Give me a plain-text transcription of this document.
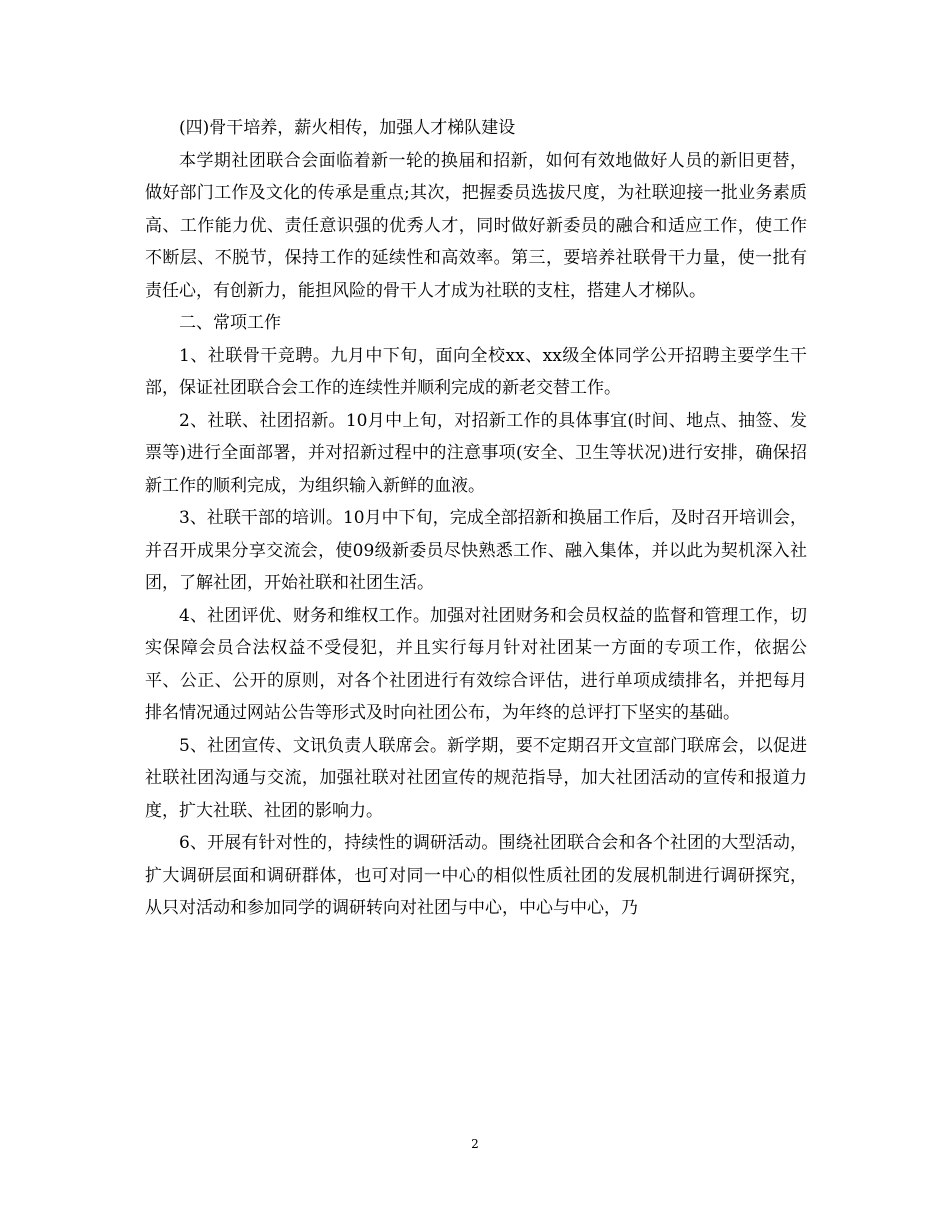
(四)骨干培养，薪火相传，加强人才梯队建设

本学期社团联合会面临着新一轮的换届和招新，如何有效地做好人员的新旧更替，做好部门工作及文化的传承是重点;其次，把握委员选拔尺度，为社联迎接一批业务素质高、工作能力优、责任意识强的优秀人才，同时做好新委员的融合和适应工作，使工作不断层、不脱节，保持工作的延续性和高效率。第三，要培养社联骨干力量，使一批有责任心，有创新力，能担风险的骨干人才成为社联的支柱，搭建人才梯队。

二、常项工作

1、社联骨干竞聘。九月中下旬，面向全校xx、xx级全体同学公开招聘主要学生干部，保证社团联合会工作的连续性并顺利完成的新老交替工作。

2、社联、社团招新。10月中上旬，对招新工作的具体事宜(时间、地点、抽签、发票等)进行全面部署，并对招新过程中的注意事项(安全、卫生等状况)进行安排，确保招新工作的顺利完成，为组织输入新鲜的血液。

3、社联干部的培训。10月中下旬，完成全部招新和换届工作后，及时召开培训会，并召开成果分享交流会，使09级新委员尽快熟悉工作、融入集体，并以此为契机深入社团，了解社团，开始社联和社团生活。

4、社团评优、财务和维权工作。加强对社团财务和会员权益的监督和管理工作，切实保障会员合法权益不受侵犯，并且实行每月针对社团某一方面的专项工作，依据公平、公正、公开的原则，对各个社团进行有效综合评估，进行单项成绩排名，并把每月排名情况通过网站公告等形式及时向社团公布，为年终的总评打下坚实的基础。

5、社团宣传、文讯负责人联席会。新学期，要不定期召开文宣部门联席会，以促进社联社团沟通与交流，加强社联对社团宣传的规范指导，加大社团活动的宣传和报道力度，扩大社联、社团的影响力。

6、开展有针对性的，持续性的调研活动。围绕社团联合会和各个社团的大型活动，扩大调研层面和调研群体，也可对同一中心的相似性质社团的发展机制进行调研探究，从只对活动和参加同学的调研转向对社团与中心，中心与中心，乃

2
